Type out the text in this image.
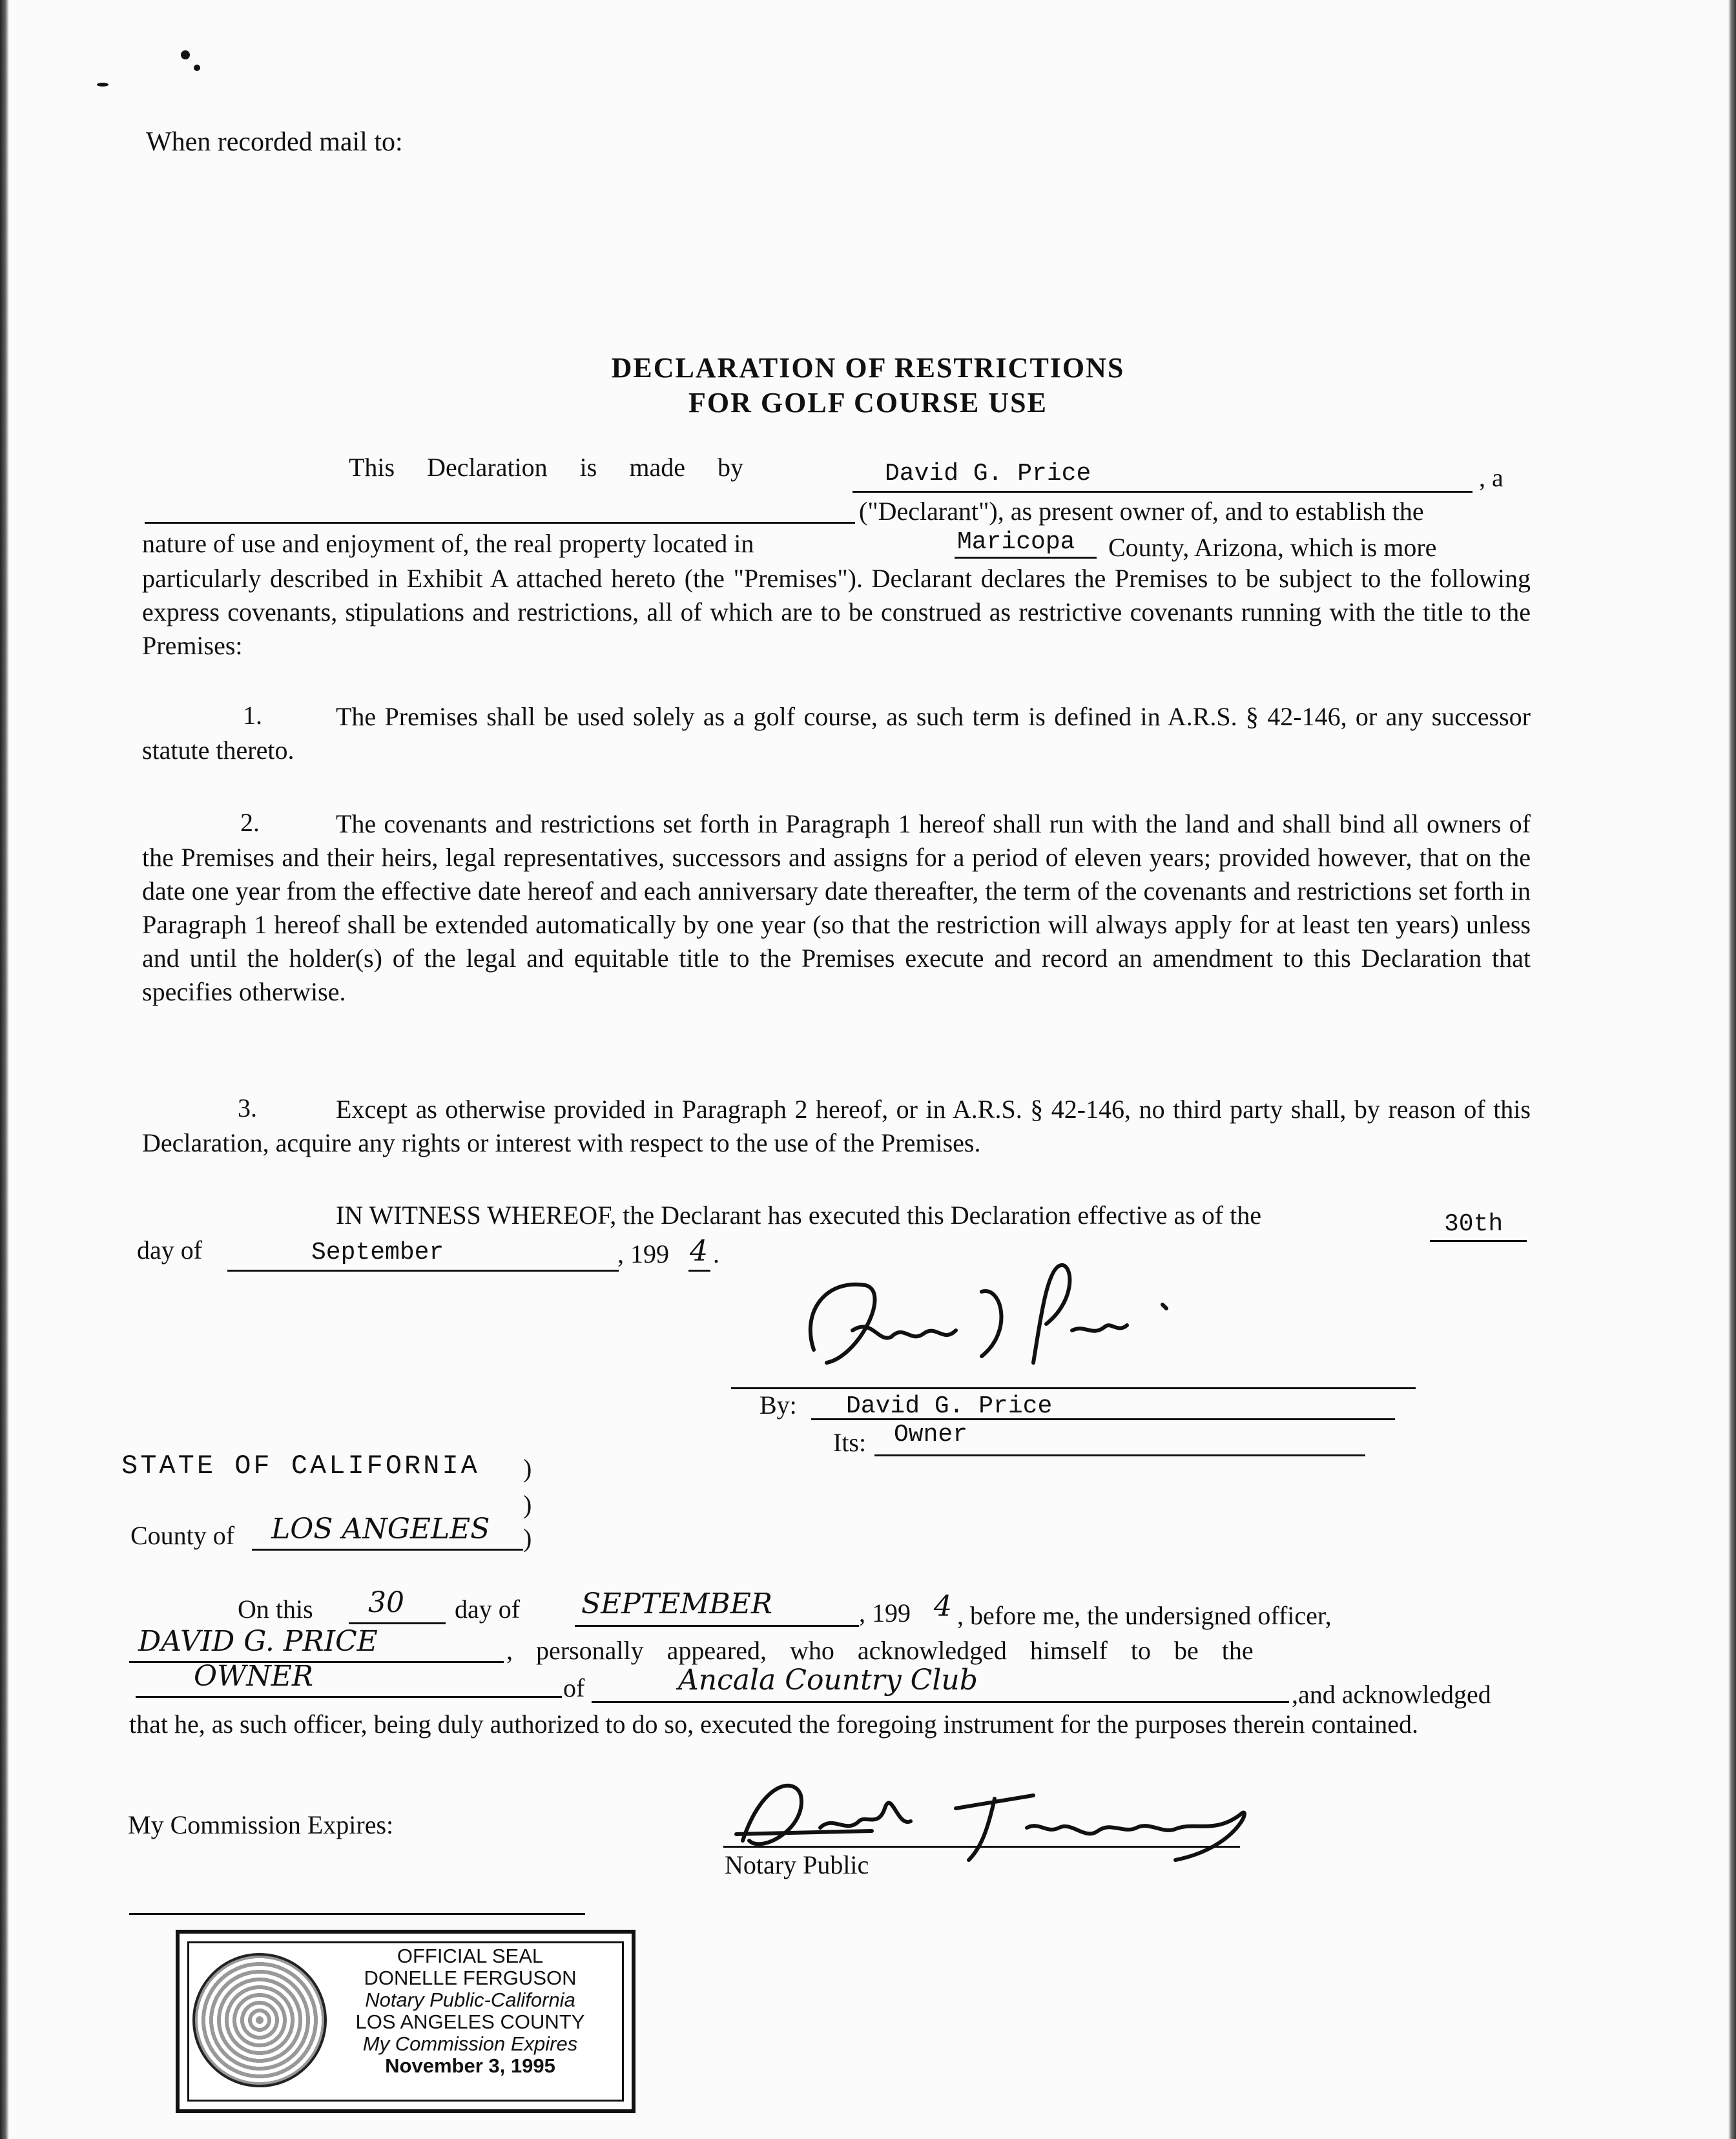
When recorded mail to:
DECLARATION OF RESTRICTIONS
FOR GOLF COURSE USE
This Declaration is made by	David G. Price	, a
("Declarant"), as present owner of, and to establish the
nature of use and enjoyment of, the real property located in	Maricopa County, Arizona, which is more
particularly described in Exhibit A attached hereto (the "Premises"). Declarant declares the Premises to be subject to the following express covenants, stipulations and restrictions, all of which are to be construed as restrictive covenants running with the title to the Premises:
1.	The Premises shall be used solely as a golf course, as such term is defined in A.R.S. § 42-146, or any successor statute thereto.
2.	The covenants and restrictions set forth in Paragraph 1 hereof shall run with the land and shall bind all owners of the Premises and their heirs, legal representatives, successors and assigns for a period of eleven years; provided however, that on the date one year from the effective date hereof and each anniversary date thereafter, the term of the covenants and restrictions set forth in Paragraph 1 hereof shall be extended automatically by one year (so that the restriction will always apply for at least ten years) unless and until the holder(s) of the legal and equitable title to the Premises execute and record an amendment to this Declaration that specifies otherwise.
3.	Except as otherwise provided in Paragraph 2 hereof, or in A.R.S. § 42-146, no third party shall, by reason of this Declaration, acquire any rights or interest with respect to the use of the Premises.
IN WITNESS WHEREOF, the Declarant has executed this Declaration effective as of the	30th
day of	September	, 199 4 .
By: David G. Price
Its: Owner
STATE OF CALIFORNIA )
)
County of LOS ANGELES )
On this 30 day of SEPTEMBER	, 199 4 , before me, the undersigned officer,
DAVID G. PRICE	, personally appeared, who acknowledged himself to be the
OWNER	of	Ancala Country Club	,and acknowledged
that he, as such officer, being duly authorized to do so, executed the foregoing instrument for the purposes therein contained.
My Commission Expires:
Notary Public
OFFICIAL SEAL
DONELLE FERGUSON
Notary Public-California
LOS ANGELES COUNTY
My Commission Expires
November 3, 1995
